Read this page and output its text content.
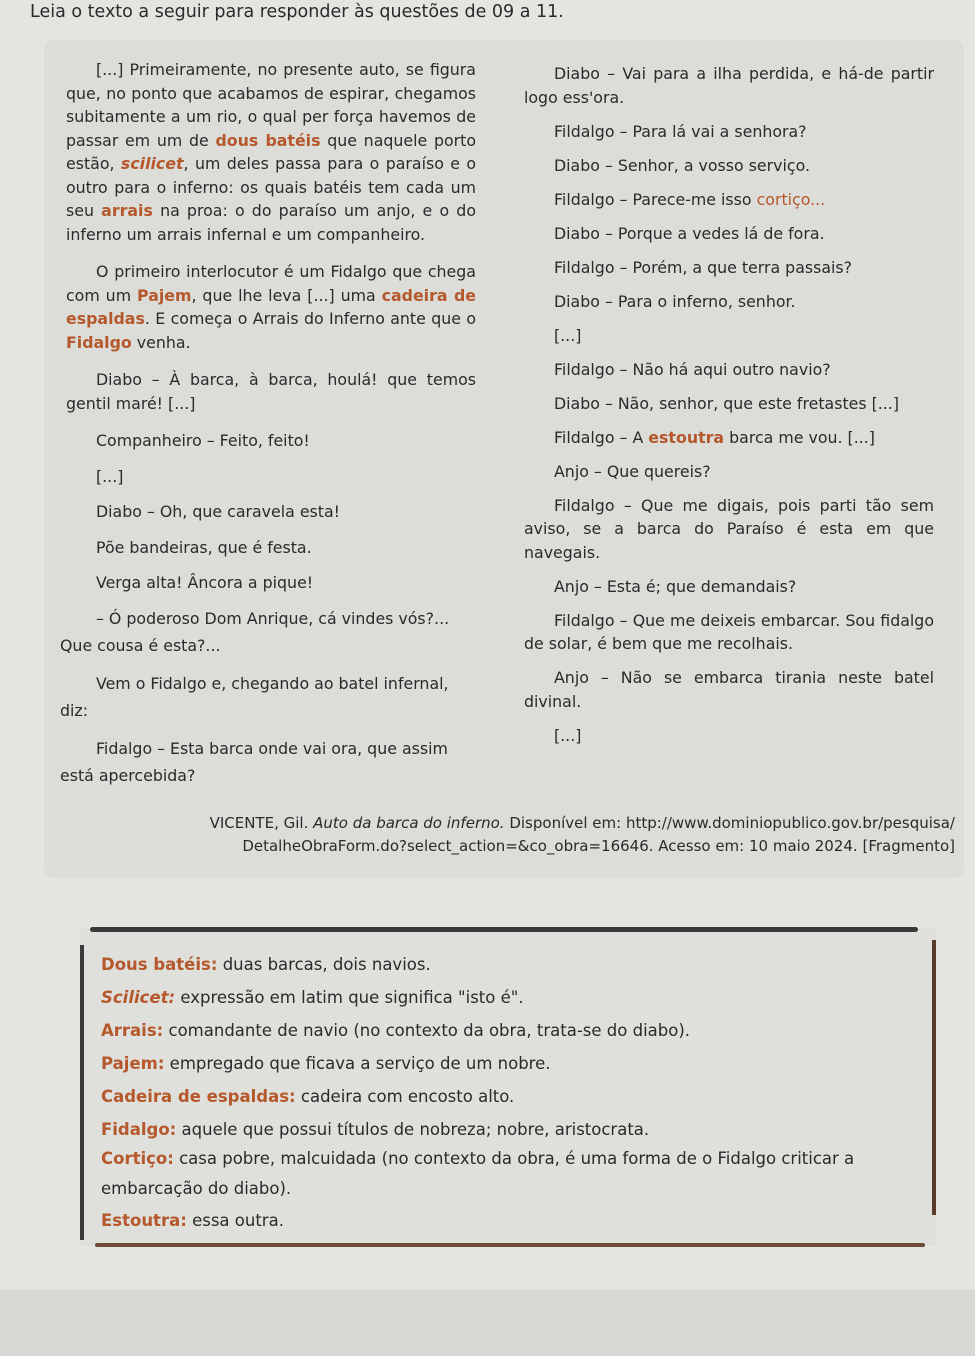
Leia o texto a seguir para responder às questões de 09 a 11.

[...] Primeiramente, no presente auto, se figura que, no ponto que acabamos de espirar, chegamos subitamente a um rio, o qual per força havemos de passar em um de dous batéis que naquele porto estão, scilicet, um deles passa para o paraíso e o outro para o inferno: os quais batéis tem cada um seu arrais na proa: o do paraíso um anjo, e o do inferno um arrais infernal e um companheiro.

O primeiro interlocutor é um Fidalgo que chega com um Pajem, que lhe leva [...] uma cadeira de espaldas. E começa o Arrais do Inferno ante que o Fidalgo venha.

Diabo – À barca, à barca, houlá! que temos gentil maré! [...]

Companheiro – Feito, feito!

[...]

Diabo – Oh, que caravela esta!

Põe bandeiras, que é festa.

Verga alta! Âncora a pique!

– Ó poderoso Dom Anrique, cá vindes vós?...

Que cousa é esta?...

Vem o Fidalgo e, chegando ao batel infernal,

diz:

Fidalgo – Esta barca onde vai ora, que assim

está apercebida?

Diabo – Vai para a ilha perdida, e há-de partir logo ess'ora.

Fildalgo – Para lá vai a senhora?

Diabo – Senhor, a vosso serviço.

Fildalgo – Parece-me isso cortiço...

Diabo – Porque a vedes lá de fora.

Fildalgo – Porém, a que terra passais?

Diabo – Para o inferno, senhor.

[...]

Fildalgo – Não há aqui outro navio?

Diabo – Não, senhor, que este fretastes [...]

Fildalgo – A estoutra barca me vou. [...]

Anjo – Que quereis?

Fildalgo – Que me digais, pois parti tão sem aviso, se a barca do Paraíso é esta em que navegais.

Anjo – Esta é; que demandais?

Fildalgo – Que me deixeis embarcar. Sou fidalgo de solar, é bem que me recolhais.

Anjo – Não se embarca tirania neste batel divinal.

[...]

VICENTE, Gil. Auto da barca do inferno. Disponível em: http://www.dominiopublico.gov.br/pesquisa/
DetalheObraForm.do?select_action=&co_obra=16646. Acesso em: 10 maio 2024. [Fragmento]
Dous batéis: duas barcas, dois navios.
Scilicet: expressão em latim que significa "isto é".
Arrais: comandante de navio (no contexto da obra, trata-se do diabo).
Pajem: empregado que ficava a serviço de um nobre.
Cadeira de espaldas: cadeira com encosto alto.
Fidalgo: aquele que possui títulos de nobreza; nobre, aristocrata.
Cortiço: casa pobre, malcuidada (no contexto da obra, é uma forma de o Fidalgo criticar a embarcação do diabo).
Estoutra: essa outra.
